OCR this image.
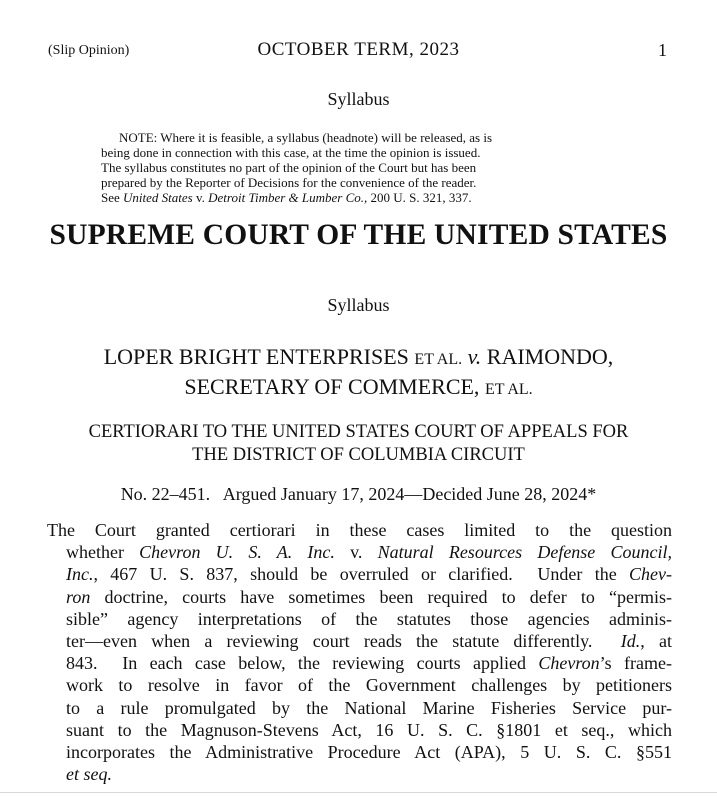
(Slip Opinion)	OCTOBER TERM, 2023	1
Syllabus
NOTE: Where it is feasible, a syllabus (headnote) will be released, as is
being done in connection with this case, at the time the opinion is issued.
The syllabus constitutes no part of the opinion of the Court but has been
prepared by the Reporter of Decisions for the convenience of the reader.
See United States v. Detroit Timber & Lumber Co., 200 U. S. 321, 337.
SUPREME COURT OF THE UNITED STATES
Syllabus
LOPER BRIGHT ENTERPRISES ET AL. v. RAIMONDO,
SECRETARY OF COMMERCE, ET AL.
CERTIORARI TO THE UNITED STATES COURT OF APPEALS FOR
THE DISTRICT OF COLUMBIA CIRCUIT
No. 22–451.   Argued January 17, 2024—Decided June 28, 2024*
The Court granted certiorari in these cases limited to the question
whether Chevron U. S. A. Inc. v. Natural Resources Defense Council,
Inc., 467 U. S. 837, should be overruled or clarified.  Under the Chev-
ron doctrine, courts have sometimes been required to defer to “permis-
sible” agency interpretations of the statutes those agencies adminis-
ter—even when a reviewing court reads the statute differently.  Id., at
843.  In each case below, the reviewing courts applied Chevron’s frame-
work to resolve in favor of the Government challenges by petitioners
to a rule promulgated by the National Marine Fisheries Service pur-
suant to the Magnuson-Stevens Act, 16 U. S. C. §1801 et seq., which
incorporates the Administrative Procedure Act (APA), 5 U. S. C. §551
et seq.
